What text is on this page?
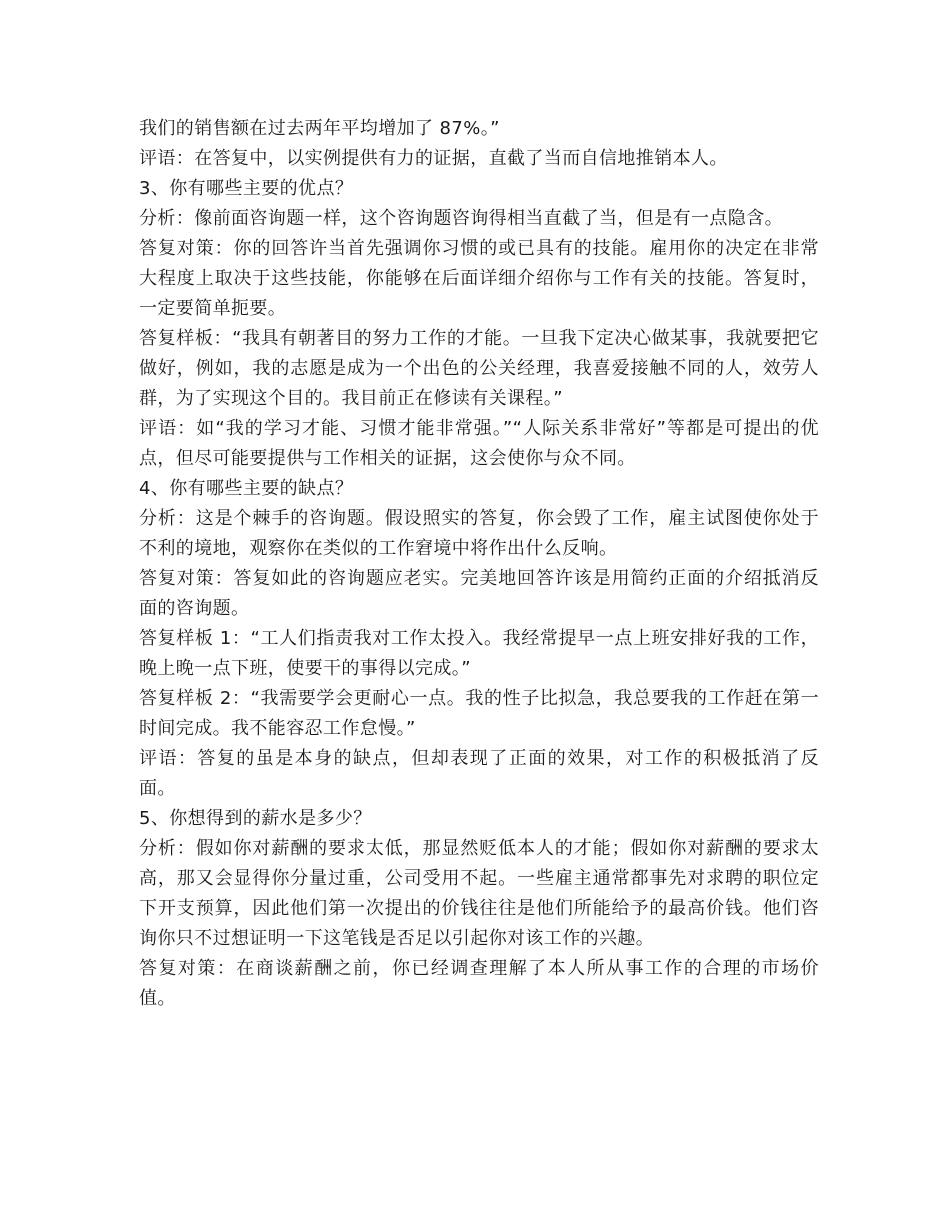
我们的销售额在过去两年平均增加了 87%。”

评语：在答复中，以实例提供有力的证据，直截了当而自信地推销本人。

3、你有哪些主要的优点？

分析：像前面咨询题一样，这个咨询题咨询得相当直截了当，但是有一点隐含。

答复对策：你的回答许当首先强调你习惯的或已具有的技能。雇用你的决定在非常大程度上取决于这些技能，你能够在后面详细介绍你与工作有关的技能。答复时，一定要简单扼要。

答复样板：“我具有朝著目的努力工作的才能。一旦我下定决心做某事，我就要把它做好，例如，我的志愿是成为一个出色的公关经理，我喜爱接触不同的人，效劳人群，为了实现这个目的。我目前正在修读有关课程。”

评语：如“我的学习才能、习惯才能非常强。”“人际关系非常好”等都是可提出的优点，但尽可能要提供与工作相关的证据，这会使你与众不同。

4、你有哪些主要的缺点？

分析：这是个棘手的咨询题。假设照实的答复，你会毁了工作，雇主试图使你处于不利的境地，观察你在类似的工作窘境中将作出什么反响。

答复对策：答复如此的咨询题应老实。完美地回答许该是用简约正面的介绍抵消反面的咨询题。

答复样板 1：“工人们指责我对工作太投入。我经常提早一点上班安排好我的工作，晚上晚一点下班，使要干的事得以完成。”

答复样板 2：“我需要学会更耐心一点。我的性子比拟急，我总要我的工作赶在第一时间完成。我不能容忍工作怠慢。”

评语：答复的虽是本身的缺点，但却表现了正面的效果，对工作的积极抵消了反面。

5、你想得到的薪水是多少？

分析：假如你对薪酬的要求太低，那显然贬低本人的才能；假如你对薪酬的要求太高，那又会显得你分量过重，公司受用不起。一些雇主通常都事先对求聘的职位定下开支预算，因此他们第一次提出的价钱往往是他们所能给予的最高价钱。他们咨询你只不过想证明一下这笔钱是否足以引起你对该工作的兴趣。

答复对策：在商谈薪酬之前，你已经调查理解了本人所从事工作的合理的市场价值。
